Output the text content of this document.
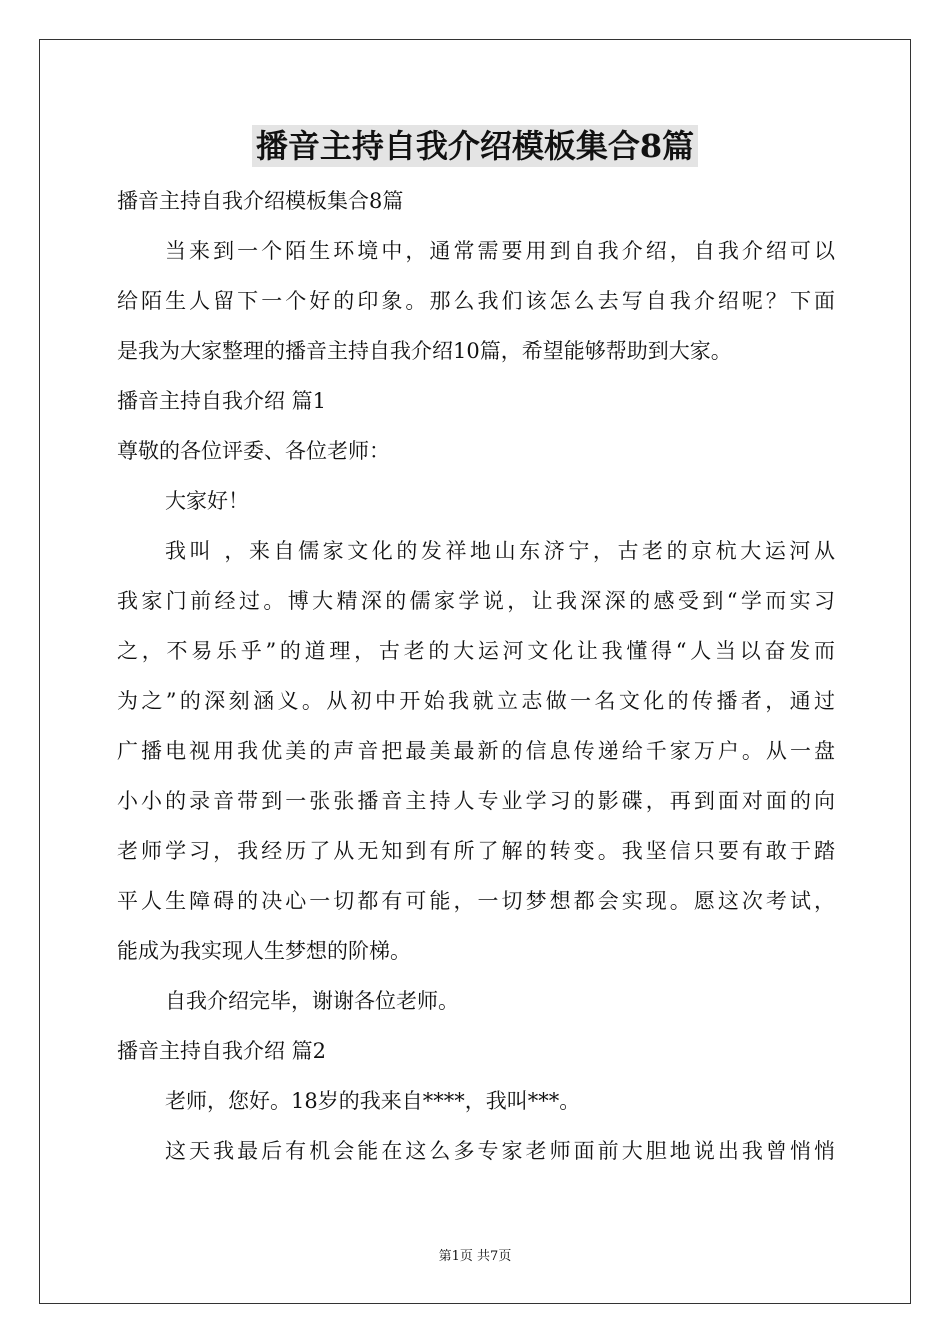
播音主持自我介绍模板集合8篇
播音主持自我介绍模板集合8篇
当来到一个陌生环境中，通常需要用到自我介绍，自我介绍可以
给陌生人留下一个好的印象。那么我们该怎么去写自我介绍呢？下面
是我为大家整理的播音主持自我介绍10篇，希望能够帮助到大家。
播音主持自我介绍 篇1
尊敬的各位评委、各位老师：
大家好！
我叫 ，来自儒家文化的发祥地山东济宁，古老的京杭大运河从
我家门前经过。博大精深的儒家学说，让我深深的感受到“学而实习
之，不易乐乎”的道理，古老的大运河文化让我懂得“人当以奋发而
为之”的深刻涵义。从初中开始我就立志做一名文化的传播者，通过
广播电视用我优美的声音把最美最新的信息传递给千家万户。从一盘
小小的录音带到一张张播音主持人专业学习的影碟，再到面对面的向
老师学习，我经历了从无知到有所了解的转变。我坚信只要有敢于踏
平人生障碍的决心一切都有可能，一切梦想都会实现。愿这次考试，
能成为我实现人生梦想的阶梯。
自我介绍完毕，谢谢各位老师。
播音主持自我介绍 篇2
老师，您好。18岁的我来自****，我叫***。
这天我最后有机会能在这么多专家老师面前大胆地说出我曾悄悄
第1页 共7页
